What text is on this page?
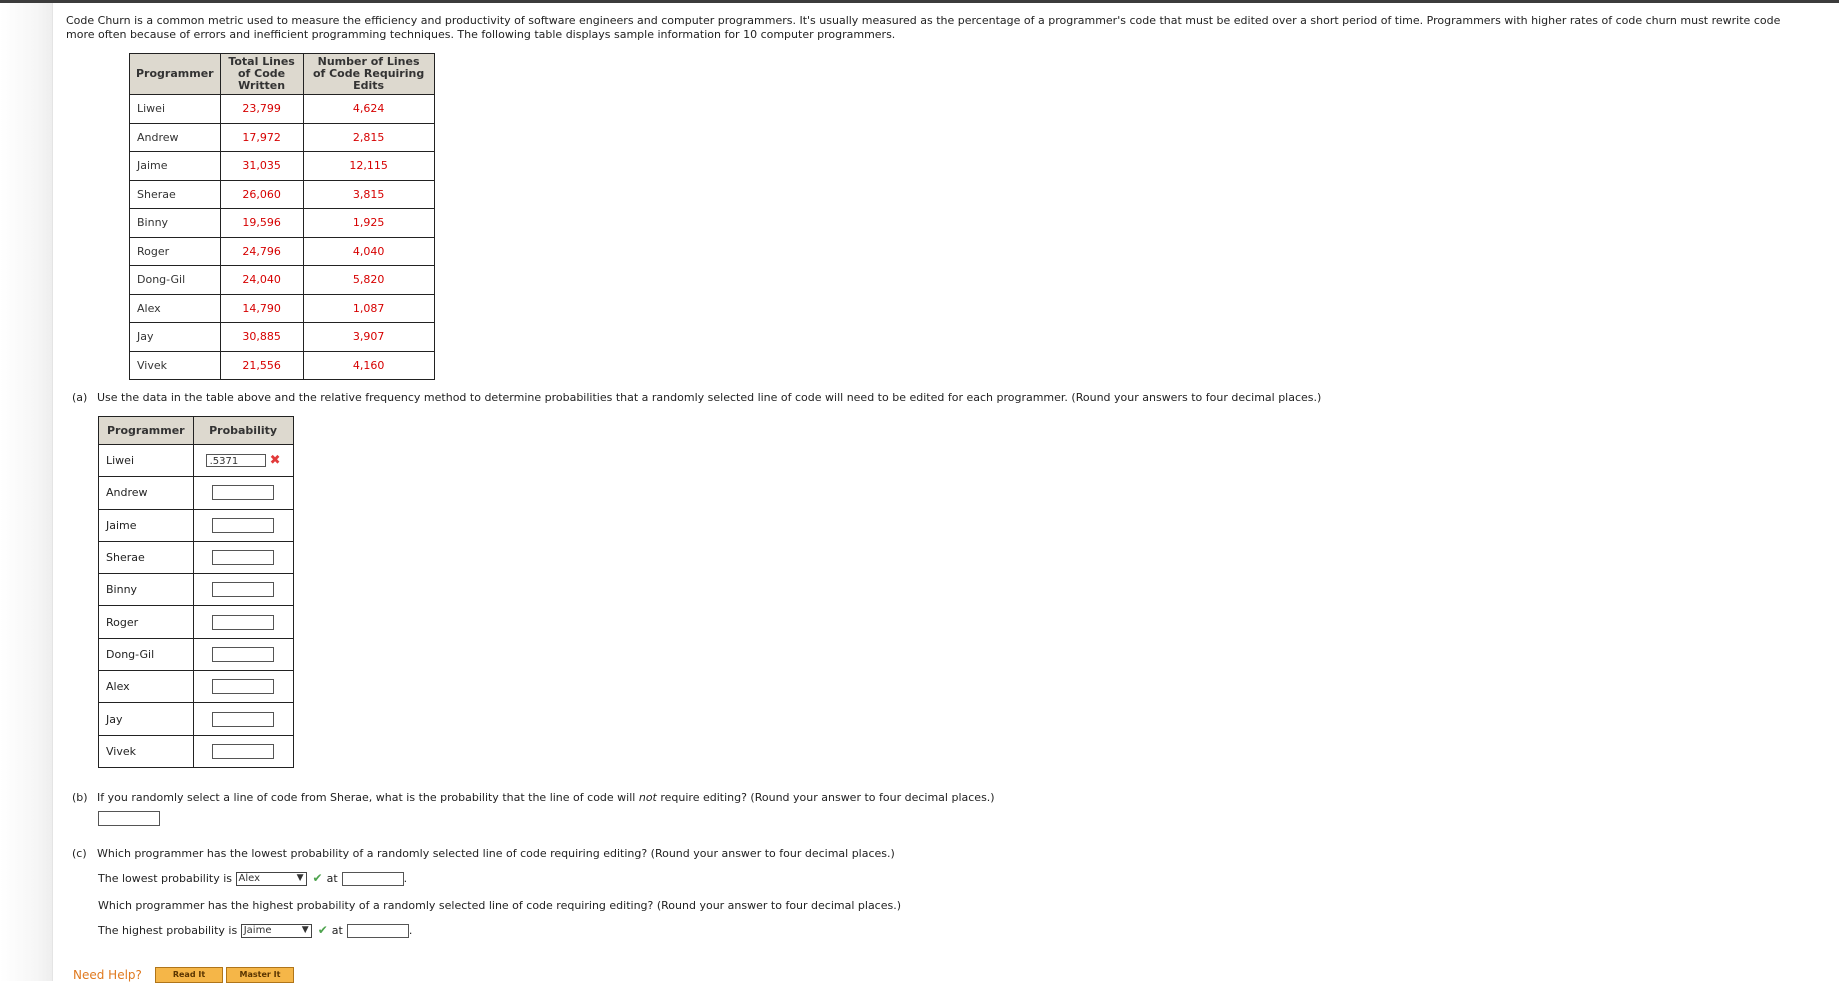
Code Churn is a common metric used to measure the efficiency and productivity of software engineers and computer programmers. It's usually measured as the percentage of a programmer's code that must be edited over a short period of time. Programmers with higher rates of code churn must rewrite code more often because of errors and inefficient programming techniques. The following table displays sample information for 10 computer programmers.
Programmer	Total Lines of Code Written	Number of Lines of Code Requiring Edits
Liwei	23,799	4,624
Andrew	17,972	2,815
Jaime	31,035	12,115
Sherae	26,060	3,815
Binny	19,596	1,925
Roger	24,796	4,040
Dong-Gil	24,040	5,820
Alex	14,790	1,087
Jay	30,885	3,907
Vivek	21,556	4,160
(a) Use the data in the table above and the relative frequency method to determine probabilities that a randomly selected line of code will need to be edited for each programmer. (Round your answers to four decimal places.)
Programmer	Probability
Liwei	.5371 ✖
Andrew	
Jaime	
Sherae	
Binny	
Roger	
Dong-Gil	
Alex	
Jay	
Vivek	
(b) If you randomly select a line of code from Sherae, what is the probability that the line of code will not require editing? (Round your answer to four decimal places.)
(c) Which programmer has the lowest probability of a randomly selected line of code requiring editing? (Round your answer to four decimal places.)
The lowest probability is Alex	▼ ✔ at	.
Which programmer has the highest probability of a randomly selected line of code requiring editing? (Round your answer to four decimal places.)
The highest probability is Jaime	▼ ✔ at	.
Need Help?	Read It	Master It
